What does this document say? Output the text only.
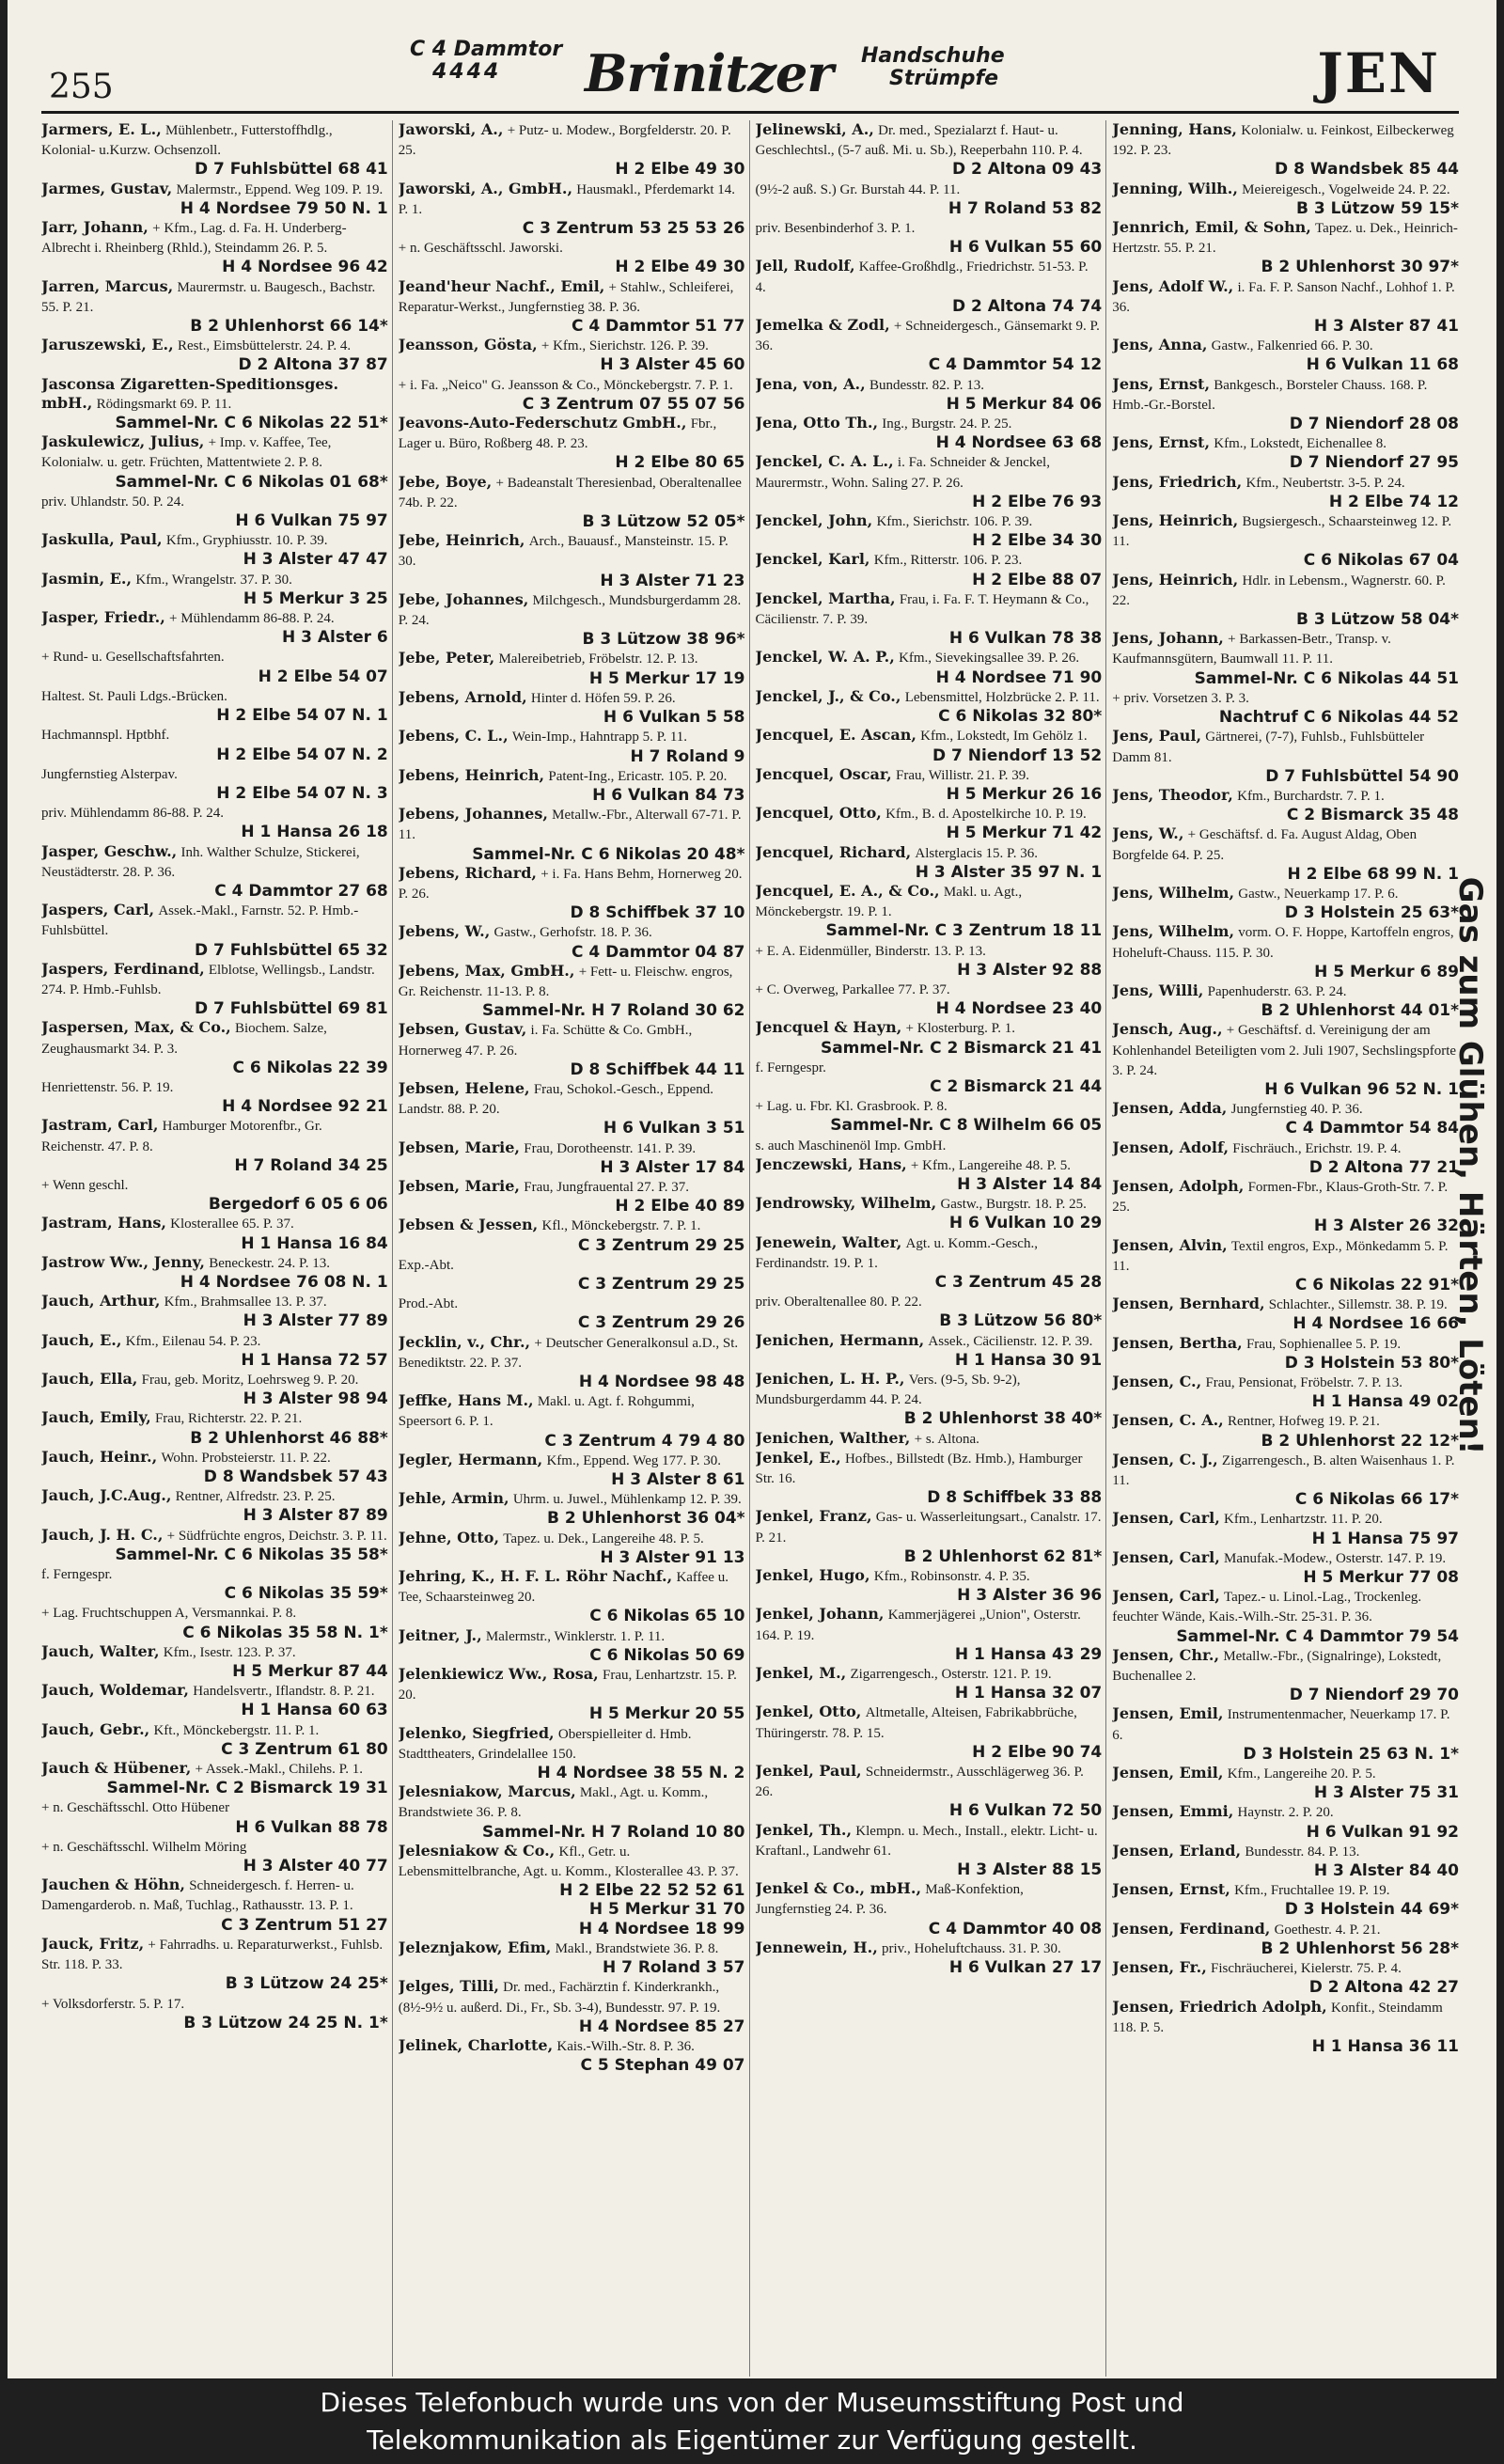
255
C 4 Dammtor
4444 Brinitzer Handschuhe
Strümpfe	JEN
Jarmers, E. L., Mühlenbetr., Futterstoffhdlg., Kolonial- u.Kurzw. Ochsenzoll.
D 7 Fuhlsbüttel 68 41
Jarmes, Gustav, Malermstr., Eppend. Weg 109. P. 19.
H 4 Nordsee 79 50 N. 1
Jarr, Johann, + Kfm., Lag. d. Fa. H. Underberg-Albrecht i. Rheinberg (Rhld.), Steindamm 26. P. 5.
H 4 Nordsee 96 42
Jarren, Marcus, Maurermstr. u. Baugesch., Bachstr. 55. P. 21.
B 2 Uhlenhorst 66 14*
Jaruszewski, E., Rest., Eimsbüttelerstr. 24. P. 4.
D 2 Altona 37 87
Jasconsa Zigaretten-Speditionsges. mbH., Rödingsmarkt 69. P. 11.
Sammel-Nr. C 6 Nikolas 22 51*
Jaskulewicz, Julius, + Imp. v. Kaffee, Tee, Kolonialw. u. getr. Früchten, Mattentwiete 2. P. 8.
Sammel-Nr. C 6 Nikolas 01 68*
priv. Uhlandstr. 50. P. 24.
H 6 Vulkan 75 97
Jaskulla, Paul, Kfm., Gryphiusstr. 10. P. 39.
H 3 Alster 47 47
Jasmin, E., Kfm., Wrangelstr. 37. P. 30.
H 5 Merkur 3 25
Jasper, Friedr., + Mühlendamm 86-88. P. 24.
H 3 Alster 6
+ Rund- u. Gesellschaftsfahrten.
H 2 Elbe 54 07
Haltest. St. Pauli Ldgs.-Brücken.
H 2 Elbe 54 07 N. 1
Hachmannspl. Hptbhf.
H 2 Elbe 54 07 N. 2
Jungfernstieg Alsterpav.
H 2 Elbe 54 07 N. 3
priv. Mühlendamm 86-88. P. 24.
H 1 Hansa 26 18
Jasper, Geschw., Inh. Walther Schulze, Stickerei, Neustädterstr. 28. P. 36.
C 4 Dammtor 27 68
Jaspers, Carl, Assek.-Makl., Farnstr. 52. P. Hmb.-Fuhlsbüttel.
D 7 Fuhlsbüttel 65 32
Jaspers, Ferdinand, Elblotse, Wellingsb., Landstr. 274. P. Hmb.-Fuhlsb.
D 7 Fuhlsbüttel 69 81
Jaspersen, Max, & Co., Biochem. Salze, Zeughausmarkt 34. P. 3.
C 6 Nikolas 22 39
Henriettenstr. 56. P. 19.
H 4 Nordsee 92 21
Jastram, Carl, Hamburger Motorenfbr., Gr. Reichenstr. 47. P. 8.
H 7 Roland 34 25
+ Wenn geschl.
Bergedorf 6 05 6 06
Jastram, Hans, Klosterallee 65. P. 37.
H 1 Hansa 16 84
Jastrow Ww., Jenny, Beneckestr. 24. P. 13.
H 4 Nordsee 76 08 N. 1
Jauch, Arthur, Kfm., Brahmsallee 13. P. 37.
H 3 Alster 77 89
Jauch, E., Kfm., Eilenau 54. P. 23.
H 1 Hansa 72 57
Jauch, Ella, Frau, geb. Moritz, Loehrsweg 9. P. 20.
H 3 Alster 98 94
Jauch, Emily, Frau, Richterstr. 22. P. 21.
B 2 Uhlenhorst 46 88*
Jauch, Heinr., Wohn. Probsteierstr. 11. P. 22.
D 8 Wandsbek 57 43
Jauch, J.C.Aug., Rentner, Alfredstr. 23. P. 25.
H 3 Alster 87 89
Jauch, J. H. C., + Südfrüchte engros, Deichstr. 3. P. 11.
Sammel-Nr. C 6 Nikolas 35 58*
f. Ferngespr.
C 6 Nikolas 35 59*
+ Lag. Fruchtschuppen A, Versmannkai. P. 8.
C 6 Nikolas 35 58 N. 1*
Jauch, Walter, Kfm., Isestr. 123. P. 37.
H 5 Merkur 87 44
Jauch, Woldemar, Handelsvertr., Iflandstr. 8. P. 21.
H 1 Hansa 60 63
Jauch, Gebr., Kft., Mönckebergstr. 11. P. 1.
C 3 Zentrum 61 80
Jauch & Hübener, + Assek.-Makl., Chilehs. P. 1.
Sammel-Nr. C 2 Bismarck 19 31
+ n. Geschäftsschl. Otto Hübener
H 6 Vulkan 88 78
+ n. Geschäftsschl. Wilhelm Möring
H 3 Alster 40 77
Jauchen & Höhn, Schneidergesch. f. Herren- u. Damengarderob. n. Maß, Tuchlag., Rathausstr. 13. P. 1.
C 3 Zentrum 51 27
Jauck, Fritz, + Fahrradhs. u. Reparaturwerkst., Fuhlsb. Str. 118. P. 33.
B 3 Lützow 24 25*
+ Volksdorferstr. 5. P. 17.
B 3 Lützow 24 25 N. 1*
Jaworski, A., + Putz- u. Modew., Borgfelderstr. 20. P. 25.
H 2 Elbe 49 30
Jaworski, A., GmbH., Hausmakl., Pferdemarkt 14. P. 1.
C 3 Zentrum 53 25 53 26
+ n. Geschäftsschl. Jaworski.
H 2 Elbe 49 30
Jeand'heur Nachf., Emil, + Stahlw., Schleiferei, Reparatur-Werkst., Jungfernstieg 38. P. 36.
C 4 Dammtor 51 77
Jeansson, Gösta, + Kfm., Sierichstr. 126. P. 39.
H 3 Alster 45 60
+ i. Fa. „Neico" G. Jeansson & Co., Mönckebergstr. 7. P. 1.
C 3 Zentrum 07 55 07 56
Jeavons-Auto-Federschutz GmbH., Fbr., Lager u. Büro, Roßberg 48. P. 23.
H 2 Elbe 80 65
Jebe, Boye, + Badeanstalt Theresienbad, Oberaltenallee 74b. P. 22.
B 3 Lützow 52 05*
Jebe, Heinrich, Arch., Bauausf., Mansteinstr. 15. P. 30.
H 3 Alster 71 23
Jebe, Johannes, Milchgesch., Mundsburgerdamm 28. P. 24.
B 3 Lützow 38 96*
Jebe, Peter, Malereibetrieb, Fröbelstr. 12. P. 13.
H 5 Merkur 17 19
Jebens, Arnold, Hinter d. Höfen 59. P. 26.
H 6 Vulkan 5 58
Jebens, C. L., Wein-Imp., Hahntrapp 5. P. 11.
H 7 Roland 9
Jebens, Heinrich, Patent-Ing., Ericastr. 105. P. 20.
H 6 Vulkan 84 73
Jebens, Johannes, Metallw.-Fbr., Alterwall 67-71. P. 11.
Sammel-Nr. C 6 Nikolas 20 48*
Jebens, Richard, + i. Fa. Hans Behm, Hornerweg 20. P. 26.
D 8 Schiffbek 37 10
Jebens, W., Gastw., Gerhofstr. 18. P. 36.
C 4 Dammtor 04 87
Jebens, Max, GmbH., + Fett- u. Fleischw. engros, Gr. Reichenstr. 11-13. P. 8.
Sammel-Nr. H 7 Roland 30 62
Jebsen, Gustav, i. Fa. Schütte & Co. GmbH., Hornerweg 47. P. 26.
D 8 Schiffbek 44 11
Jebsen, Helene, Frau, Schokol.-Gesch., Eppend. Landstr. 88. P. 20.
H 6 Vulkan 3 51
Jebsen, Marie, Frau, Dorotheenstr. 141. P. 39.
H 3 Alster 17 84
Jebsen, Marie, Frau, Jungfrauental 27. P. 37.
H 2 Elbe 40 89
Jebsen & Jessen, Kfl., Mönckebergstr. 7. P. 1.
C 3 Zentrum 29 25
Exp.-Abt.
C 3 Zentrum 29 25
Prod.-Abt.
C 3 Zentrum 29 26
Jecklin, v., Chr., + Deutscher Generalkonsul a.D., St. Benediktstr. 22. P. 37.
H 4 Nordsee 98 48
Jeffke, Hans M., Makl. u. Agt. f. Rohgummi, Speersort 6. P. 1.
C 3 Zentrum 4 79 4 80
Jegler, Hermann, Kfm., Eppend. Weg 177. P. 30.
H 3 Alster 8 61
Jehle, Armin, Uhrm. u. Juwel., Mühlenkamp 12. P. 39.
B 2 Uhlenhorst 36 04*
Jehne, Otto, Tapez. u. Dek., Langereihe 48. P. 5.
H 3 Alster 91 13
Jehring, K., H. F. L. Röhr Nachf., Kaffee u. Tee, Schaarsteinweg 20.
C 6 Nikolas 65 10
Jeitner, J., Malermstr., Winklerstr. 1. P. 11.
C 6 Nikolas 50 69
Jelenkiewicz Ww., Rosa, Frau, Lenhartzstr. 15. P. 20.
H 5 Merkur 20 55
Jelenko, Siegfried, Oberspielleiter d. Hmb. Stadttheaters, Grindelallee 150.
H 4 Nordsee 38 55 N. 2
Jelesniakow, Marcus, Makl., Agt. u. Komm., Brandstwiete 36. P. 8.
Sammel-Nr. H 7 Roland 10 80
Jelesniakow & Co., Kfl., Getr. u. Lebensmittelbranche, Agt. u. Komm., Klosterallee 43. P. 37.
H 2 Elbe 22 52 52 61
H 5 Merkur 31 70
H 4 Nordsee 18 99
Jeleznjakow, Efim, Makl., Brandstwiete 36. P. 8.
H 7 Roland 3 57
Jelges, Tilli, Dr. med., Fachärztin f. Kinderkrankh., (8½-9½ u. außerd. Di., Fr., Sb. 3-4), Bundesstr. 97. P. 19.
H 4 Nordsee 85 27
Jelinek, Charlotte, Kais.-Wilh.-Str. 8. P. 36.
C 5 Stephan 49 07
Jelinewski, A., Dr. med., Spezialarzt f. Haut- u. Geschlechtsl., (5-7 auß. Mi. u. Sb.), Reeperbahn 110. P. 4.
D 2 Altona 09 43
(9½-2 auß. S.) Gr. Burstah 44. P. 11.
H 7 Roland 53 82
priv. Besenbinderhof 3. P. 1.
H 6 Vulkan 55 60
Jell, Rudolf, Kaffee-Großhdlg., Friedrichstr. 51-53. P. 4.
D 2 Altona 74 74
Jemelka & Zodl, + Schneidergesch., Gänsemarkt 9. P. 36.
C 4 Dammtor 54 12
Jena, von, A., Bundesstr. 82. P. 13.
H 5 Merkur 84 06
Jena, Otto Th., Ing., Burgstr. 24. P. 25.
H 4 Nordsee 63 68
Jenckel, C. A. L., i. Fa. Schneider & Jenckel, Maurermstr., Wohn. Saling 27. P. 26.
H 2 Elbe 76 93
Jenckel, John, Kfm., Sierichstr. 106. P. 39.
H 2 Elbe 34 30
Jenckel, Karl, Kfm., Ritterstr. 106. P. 23.
H 2 Elbe 88 07
Jenckel, Martha, Frau, i. Fa. F. T. Heymann & Co., Cäcilienstr. 7. P. 39.
H 6 Vulkan 78 38
Jenckel, W. A. P., Kfm., Sievekingsallee 39. P. 26.
H 4 Nordsee 71 90
Jenckel, J., & Co., Lebensmittel, Holzbrücke 2. P. 11.
C 6 Nikolas 32 80*
Jencquel, E. Ascan, Kfm., Lokstedt, Im Gehölz 1.
D 7 Niendorf 13 52
Jencquel, Oscar, Frau, Willistr. 21. P. 39.
H 5 Merkur 26 16
Jencquel, Otto, Kfm., B. d. Apostelkirche 10. P. 19.
H 5 Merkur 71 42
Jencquel, Richard, Alsterglacis 15. P. 36.
H 3 Alster 35 97 N. 1
Jencquel, E. A., & Co., Makl. u. Agt., Mönckebergstr. 19. P. 1.
Sammel-Nr. C 3 Zentrum 18 11
+ E. A. Eidenmüller, Binderstr. 13. P. 13.
H 3 Alster 92 88
+ C. Overweg, Parkallee 77. P. 37.
H 4 Nordsee 23 40
Jencquel & Hayn, + Klosterburg. P. 1.
Sammel-Nr. C 2 Bismarck 21 41
f. Ferngespr.
C 2 Bismarck 21 44
+ Lag. u. Fbr. Kl. Grasbrook. P. 8.
Sammel-Nr. C 8 Wilhelm 66 05
s. auch Maschinenöl Imp. GmbH.
Jenczewski, Hans, + Kfm., Langereihe 48. P. 5.
H 3 Alster 14 84
Jendrowsky, Wilhelm, Gastw., Burgstr. 18. P. 25.
H 6 Vulkan 10 29
Jenewein, Walter, Agt. u. Komm.-Gesch., Ferdinandstr. 19. P. 1.
C 3 Zentrum 45 28
priv. Oberaltenallee 80. P. 22.
B 3 Lützow 56 80*
Jenichen, Hermann, Assek., Cäcilienstr. 12. P. 39.
H 1 Hansa 30 91
Jenichen, L. H. P., Vers. (9-5, Sb. 9-2), Mundsburgerdamm 44. P. 24.
B 2 Uhlenhorst 38 40*
Jenichen, Walther, + s. Altona.
Jenkel, E., Hofbes., Billstedt (Bz. Hmb.), Hamburger Str. 16.
D 8 Schiffbek 33 88
Jenkel, Franz, Gas- u. Wasserleitungsart., Canalstr. 17. P. 21.
B 2 Uhlenhorst 62 81*
Jenkel, Hugo, Kfm., Robinsonstr. 4. P. 35.
H 3 Alster 36 96
Jenkel, Johann, Kammerjägerei „Union", Osterstr. 164. P. 19.
H 1 Hansa 43 29
Jenkel, M., Zigarrengesch., Osterstr. 121. P. 19.
H 1 Hansa 32 07
Jenkel, Otto, Altmetalle, Alteisen, Fabrikabbrüche, Thüringerstr. 78. P. 15.
H 2 Elbe 90 74
Jenkel, Paul, Schneidermstr., Ausschlägerweg 36. P. 26.
H 6 Vulkan 72 50
Jenkel, Th., Klempn. u. Mech., Install., elektr. Licht- u. Kraftanl., Landwehr 61.
H 3 Alster 88 15
Jenkel & Co., mbH., Maß-Konfektion, Jungfernstieg 24. P. 36.
C 4 Dammtor 40 08
Jennewein, H., priv., Hoheluftchauss. 31. P. 30.
H 6 Vulkan 27 17
Jenning, Hans, Kolonialw. u. Feinkost, Eilbeckerweg 192. P. 23.
D 8 Wandsbek 85 44
Jenning, Wilh., Meiereigesch., Vogelweide 24. P. 22.
B 3 Lützow 59 15*
Jennrich, Emil, & Sohn, Tapez. u. Dek., Heinrich-Hertzstr. 55. P. 21.
B 2 Uhlenhorst 30 97*
Jens, Adolf W., i. Fa. F. P. Sanson Nachf., Lohhof 1. P. 36.
H 3 Alster 87 41
Jens, Anna, Gastw., Falkenried 66. P. 30.
H 6 Vulkan 11 68
Jens, Ernst, Bankgesch., Borsteler Chauss. 168. P. Hmb.-Gr.-Borstel.
D 7 Niendorf 28 08
Jens, Ernst, Kfm., Lokstedt, Eichenallee 8.
D 7 Niendorf 27 95
Jens, Friedrich, Kfm., Neubertstr. 3-5. P. 24.
H 2 Elbe 74 12
Jens, Heinrich, Bugsiergesch., Schaarsteinweg 12. P. 11.
C 6 Nikolas 67 04
Jens, Heinrich, Hdlr. in Lebensm., Wagnerstr. 60. P. 22.
B 3 Lützow 58 04*
Jens, Johann, + Barkassen-Betr., Transp. v. Kaufmannsgütern, Baumwall 11. P. 11.
Sammel-Nr. C 6 Nikolas 44 51
+ priv. Vorsetzen 3. P. 3.
Nachtruf C 6 Nikolas 44 52
Jens, Paul, Gärtnerei, (7-7), Fuhlsb., Fuhlsbütteler Damm 81.
D 7 Fuhlsbüttel 54 90
Jens, Theodor, Kfm., Burchardstr. 7. P. 1.
C 2 Bismarck 35 48
Jens, W., + Geschäftsf. d. Fa. August Aldag, Oben Borgfelde 64. P. 25.
H 2 Elbe 68 99 N. 1
Jens, Wilhelm, Gastw., Neuerkamp 17. P. 6.
D 3 Holstein 25 63*
Jens, Wilhelm, vorm. O. F. Hoppe, Kartoffeln engros, Hoheluft-Chauss. 115. P. 30.
H 5 Merkur 6 89
Jens, Willi, Papenhuderstr. 63. P. 24.
B 2 Uhlenhorst 44 01*
Jensch, Aug., + Geschäftsf. d. Vereinigung der am Kohlenhandel Beteiligten vom 2. Juli 1907, Sechslingspforte 3. P. 24.
H 6 Vulkan 96 52 N. 1
Jensen, Adda, Jungfernstieg 40. P. 36.
C 4 Dammtor 54 84
Jensen, Adolf, Fischräuch., Erichstr. 19. P. 4.
D 2 Altona 77 21
Jensen, Adolph, Formen-Fbr., Klaus-Groth-Str. 7. P. 25.
H 3 Alster 26 32
Jensen, Alvin, Textil engros, Exp., Mönkedamm 5. P. 11.
C 6 Nikolas 22 91*
Jensen, Bernhard, Schlachter., Sillemstr. 38. P. 19.
H 4 Nordsee 16 66
Jensen, Bertha, Frau, Sophienallee 5. P. 19.
D 3 Holstein 53 80*
Jensen, C., Frau, Pensionat, Fröbelstr. 7. P. 13.
H 1 Hansa 49 02
Jensen, C. A., Rentner, Hofweg 19. P. 21.
B 2 Uhlenhorst 22 12*
Jensen, C. J., Zigarrengesch., B. alten Waisenhaus 1. P. 11.
C 6 Nikolas 66 17*
Jensen, Carl, Kfm., Lenhartzstr. 11. P. 20.
H 1 Hansa 75 97
Jensen, Carl, Manufak.-Modew., Osterstr. 147. P. 19.
H 5 Merkur 77 08
Jensen, Carl, Tapez.- u. Linol.-Lag., Trockenleg. feuchter Wände, Kais.-Wilh.-Str. 25-31. P. 36.
Sammel-Nr. C 4 Dammtor 79 54
Jensen, Chr., Metallw.-Fbr., (Signalringe), Lokstedt, Buchenallee 2.
D 7 Niendorf 29 70
Jensen, Emil, Instrumentenmacher, Neuerkamp 17. P. 6.
D 3 Holstein 25 63 N. 1*
Jensen, Emil, Kfm., Langereihe 20. P. 5.
H 3 Alster 75 31
Jensen, Emmi, Haynstr. 2. P. 20.
H 6 Vulkan 91 92
Jensen, Erland, Bundesstr. 84. P. 13.
H 3 Alster 84 40
Jensen, Ernst, Kfm., Fruchtallee 19. P. 19.
D 3 Holstein 44 69*
Jensen, Ferdinand, Goethestr. 4. P. 21.
B 2 Uhlenhorst 56 28*
Jensen, Fr., Fischräucherei, Kielerstr. 75. P. 4.
D 2 Altona 42 27
Jensen, Friedrich Adolph, Konfit., Steindamm 118. P. 5.
H 1 Hansa 36 11
Gas zum Glühen, Härten, Löten!
Dieses Telefonbuch wurde uns von der Museumsstiftung Post und
Telekommunikation als Eigentümer zur Verfügung gestellt.
